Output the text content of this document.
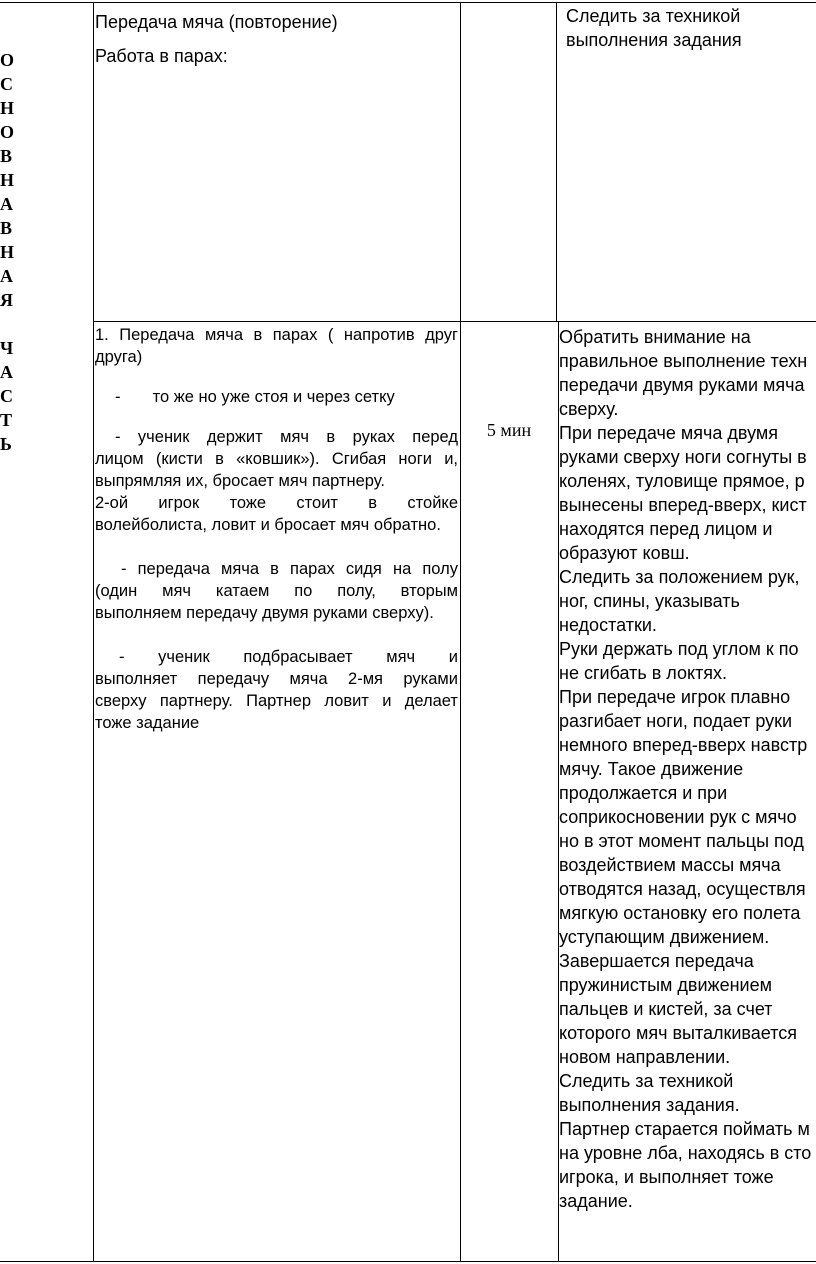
О
С
Н
О
В
Н
А
В
Н
А
Я
Ч
А
С
Т
Ь
Передача мяча (повторение)
Работа в парах:
Следить за техникой
выполнения задания
1. Передача мяча в парах ( напротив друг
друга)
-       то же но уже стоя и через сетку
- ученик держит мяч в руках перед
лицом (кисти в «ковшик»). Сгибая ноги и,
выпрямляя их, бросает мяч партнеру.
2-ой игрок тоже стоит в стойке
волейболиста, ловит и бросает мяч обратно.
- передача мяча в парах сидя на полу
(один мяч катаем по полу, вторым
выполняем передачу двумя руками сверху).
- ученик подбрасывает мяч и
выполняет передачу мяча 2-мя руками
сверху партнеру. Партнер ловит и делает
тоже задание
5 мин
Обратить внимание на
правильное выполнение техн
передачи двумя руками мяча
сверху.
При передаче мяча двумя
руками сверху ноги согнуты в
коленях, туловище прямое, р
вынесены вперед-вверх, кист
находятся перед лицом и
образуют ковш.
Следить за положением рук,
ног, спины, указывать
недостатки.
Руки держать под углом к по
не сгибать в локтях.
При передаче игрок плавно
разгибает ноги, подает руки
немного вперед-вверх навстр
мячу. Такое движение
продолжается и при
соприкосновении рук с мячо
но в этот момент пальцы под
воздействием массы мяча
отводятся назад, осуществля
мягкую остановку его полета
уступающим движением.
Завершается передача
пружинистым движением
пальцев и кистей, за счет
которого мяч выталкивается
новом направлении.
Следить за техникой
выполнения задания.
Партнер старается поймать м
на уровне лба, находясь в сто
игрока, и выполняет тоже
задание.
